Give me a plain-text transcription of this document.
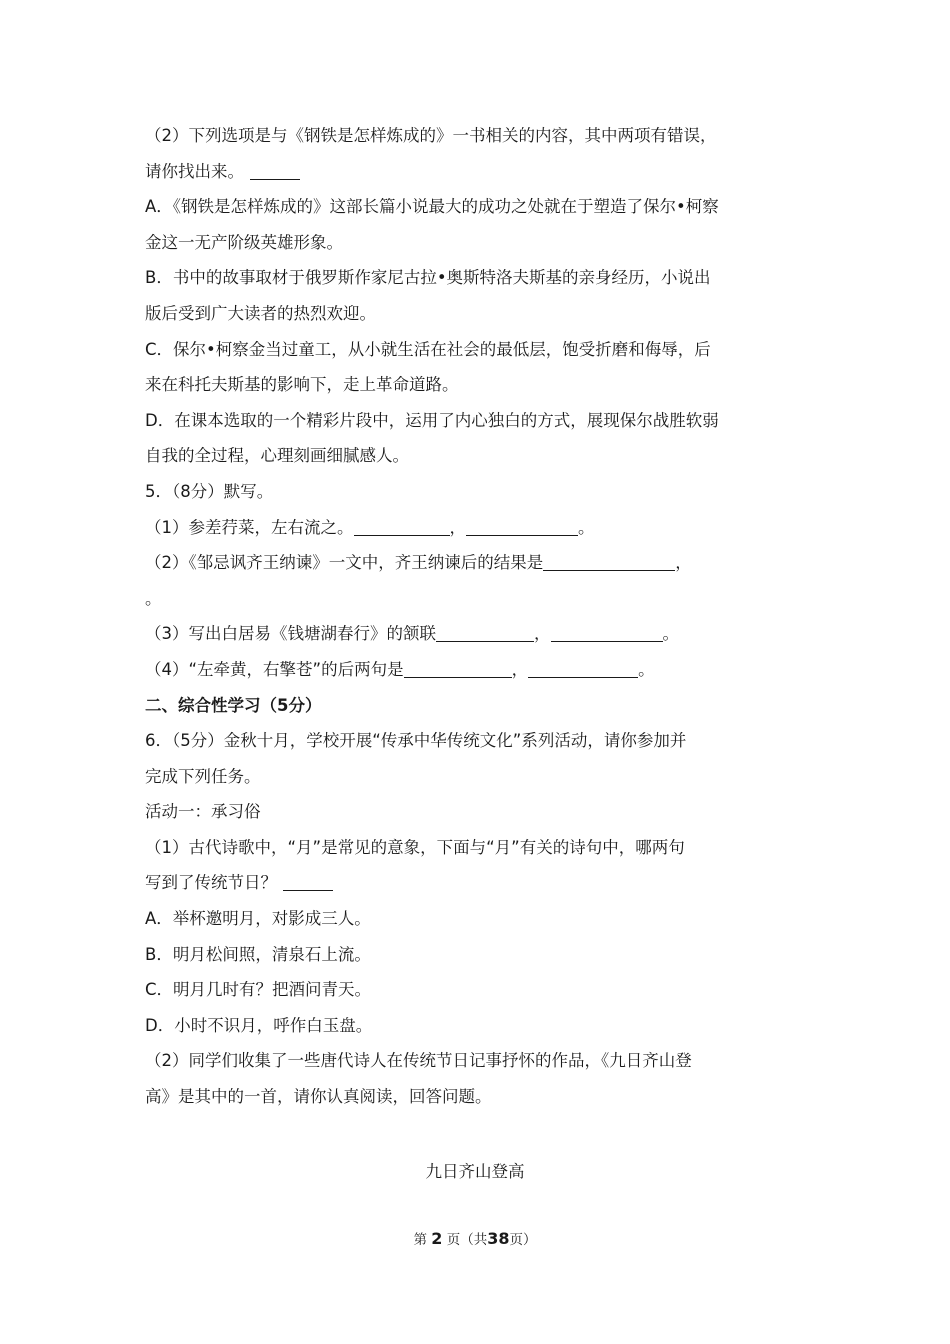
（2）下列选项是与《钢铁是怎样炼成的》一书相关的内容，其中两项有错误，
请你找出来。
A．《钢铁是怎样炼成的》这部长篇小说最大的成功之处就在于塑造了保尔•柯察
金这一无产阶级英雄形象。
B．书中的故事取材于俄罗斯作家尼古拉•奥斯特洛夫斯基的亲身经历，小说出
版后受到广大读者的热烈欢迎。
C．保尔•柯察金当过童工，从小就生活在社会的最低层，饱受折磨和侮辱，后
来在科托夫斯基的影响下，走上革命道路。
D．在课本选取的一个精彩片段中，运用了内心独白的方式，展现保尔战胜软弱
自我的全过程，心理刻画细腻感人。
5．（8分）默写。
（1）参差荇菜，左右流之。	，	。
（2）《邹忌讽齐王纳谏》一文中，齐王纳谏后的结果是	，
。
（3）写出白居易《钱塘湖春行》的颔联	，	。
（4）“左牵黄，右擎苍”的后两句是	，	。
二、综合性学习（5分）
6．（5分）金秋十月，学校开展“传承中华传统文化”系列活动，请你参加并
完成下列任务。
活动一：承习俗
（1）古代诗歌中，“月”是常见的意象，下面与“月”有关的诗句中，哪两句
写到了传统节日？
A．举杯邀明月，对影成三人。
B．明月松间照，清泉石上流。
C．明月几时有？把酒问青天。
D．小时不识月，呼作白玉盘。
（2）同学们收集了一些唐代诗人在传统节日记事抒怀的作品，《九日齐山登
高》是其中的一首，请你认真阅读，回答问题。
九日齐山登高
第 2 页（共38页）
